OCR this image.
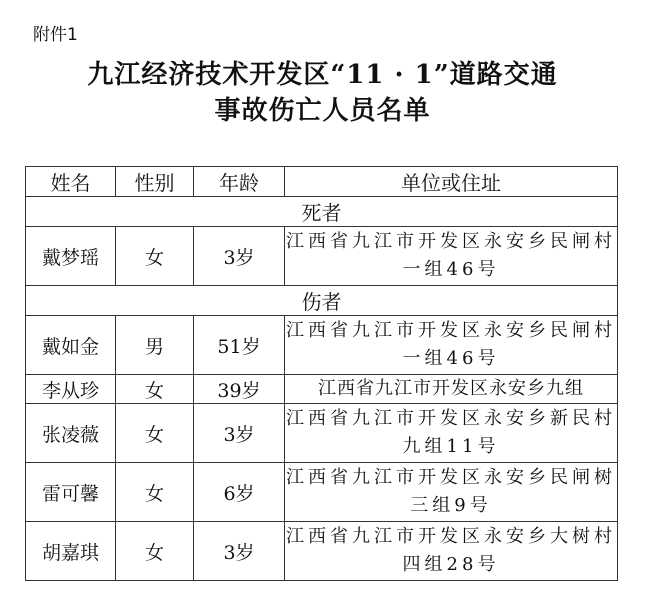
附件1
九江经济技术开发区“11 · 1”道路交通
事故伤亡人员名单
姓名	性别	年龄	单位或住址
死者			
戴梦瑶	女	3岁	江西省九江市开发区永安乡民闸村一组46号
伤者			
戴如金	男	51岁	江西省九江市开发区永安乡民闸村一组46号
李从珍	女	39岁	江西省九江市开发区永安乡九组
张凌薇	女	3岁	江西省九江市开发区永安乡新民村九组11号
雷可馨	女	6岁	江西省九江市开发区永安乡民闸树三组9号
胡嘉琪	女	3岁	江西省九江市开发区永安乡大树村四组28号
